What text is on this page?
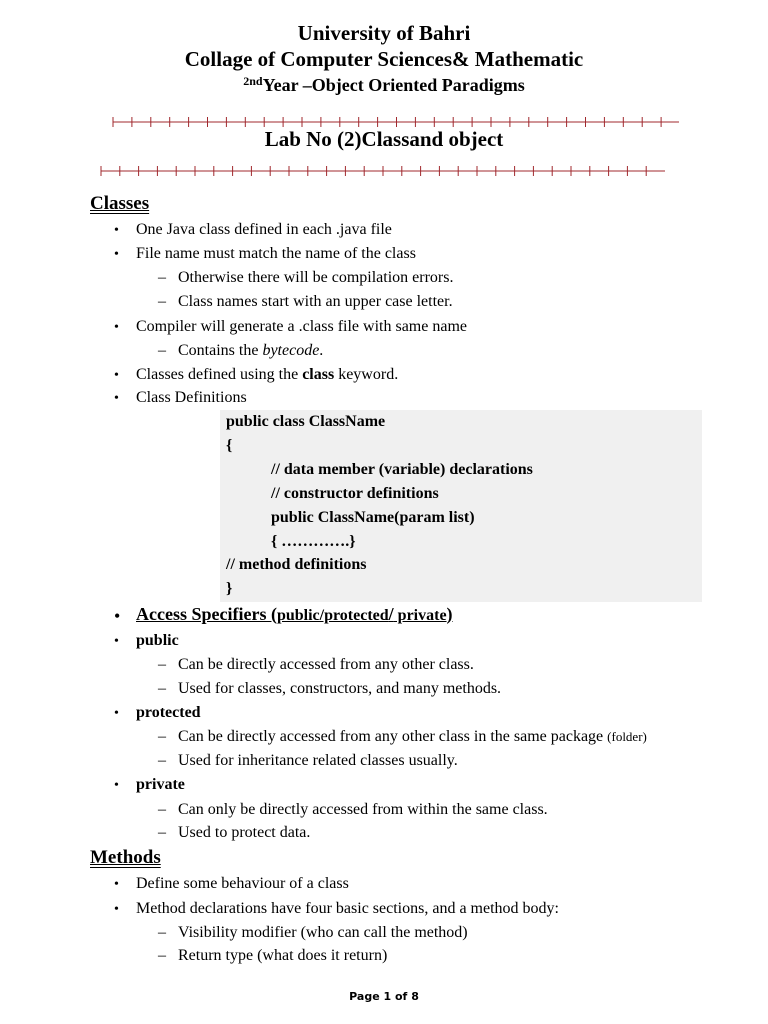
University of Bahri
Collage of Computer Sciences& Mathematic
$^{2nd}$Year –Object Oriented Paradigms
Lab No (2)Classand object
Classes
• One Java class defined in each .java file
• File name must match the name of the class
– Otherwise there will be compilation errors.
– Class names start with an upper case letter.
• Compiler will generate a .class file with same name
– Contains the bytecode.
• Classes defined using the class keyword.
• Class Definitions
public class ClassName
{
// data member (variable) declarations
// constructor definitions
public ClassName(param list)
{ ………….}
// method definitions
}
• Access Specifiers (public/protected/ private)
• public
– Can be directly accessed from any other class.
– Used for classes, constructors, and many methods.
• protected
– Can be directly accessed from any other class in the same package (folder)
– Used for inheritance related classes usually.
• private
– Can only be directly accessed from within the same class.
– Used to protect data.
Methods
• Define some behaviour of a class
• Method declarations have four basic sections, and a method body:
– Visibility modifier (who can call the method)
– Return type (what does it return)
Page 1 of 8
